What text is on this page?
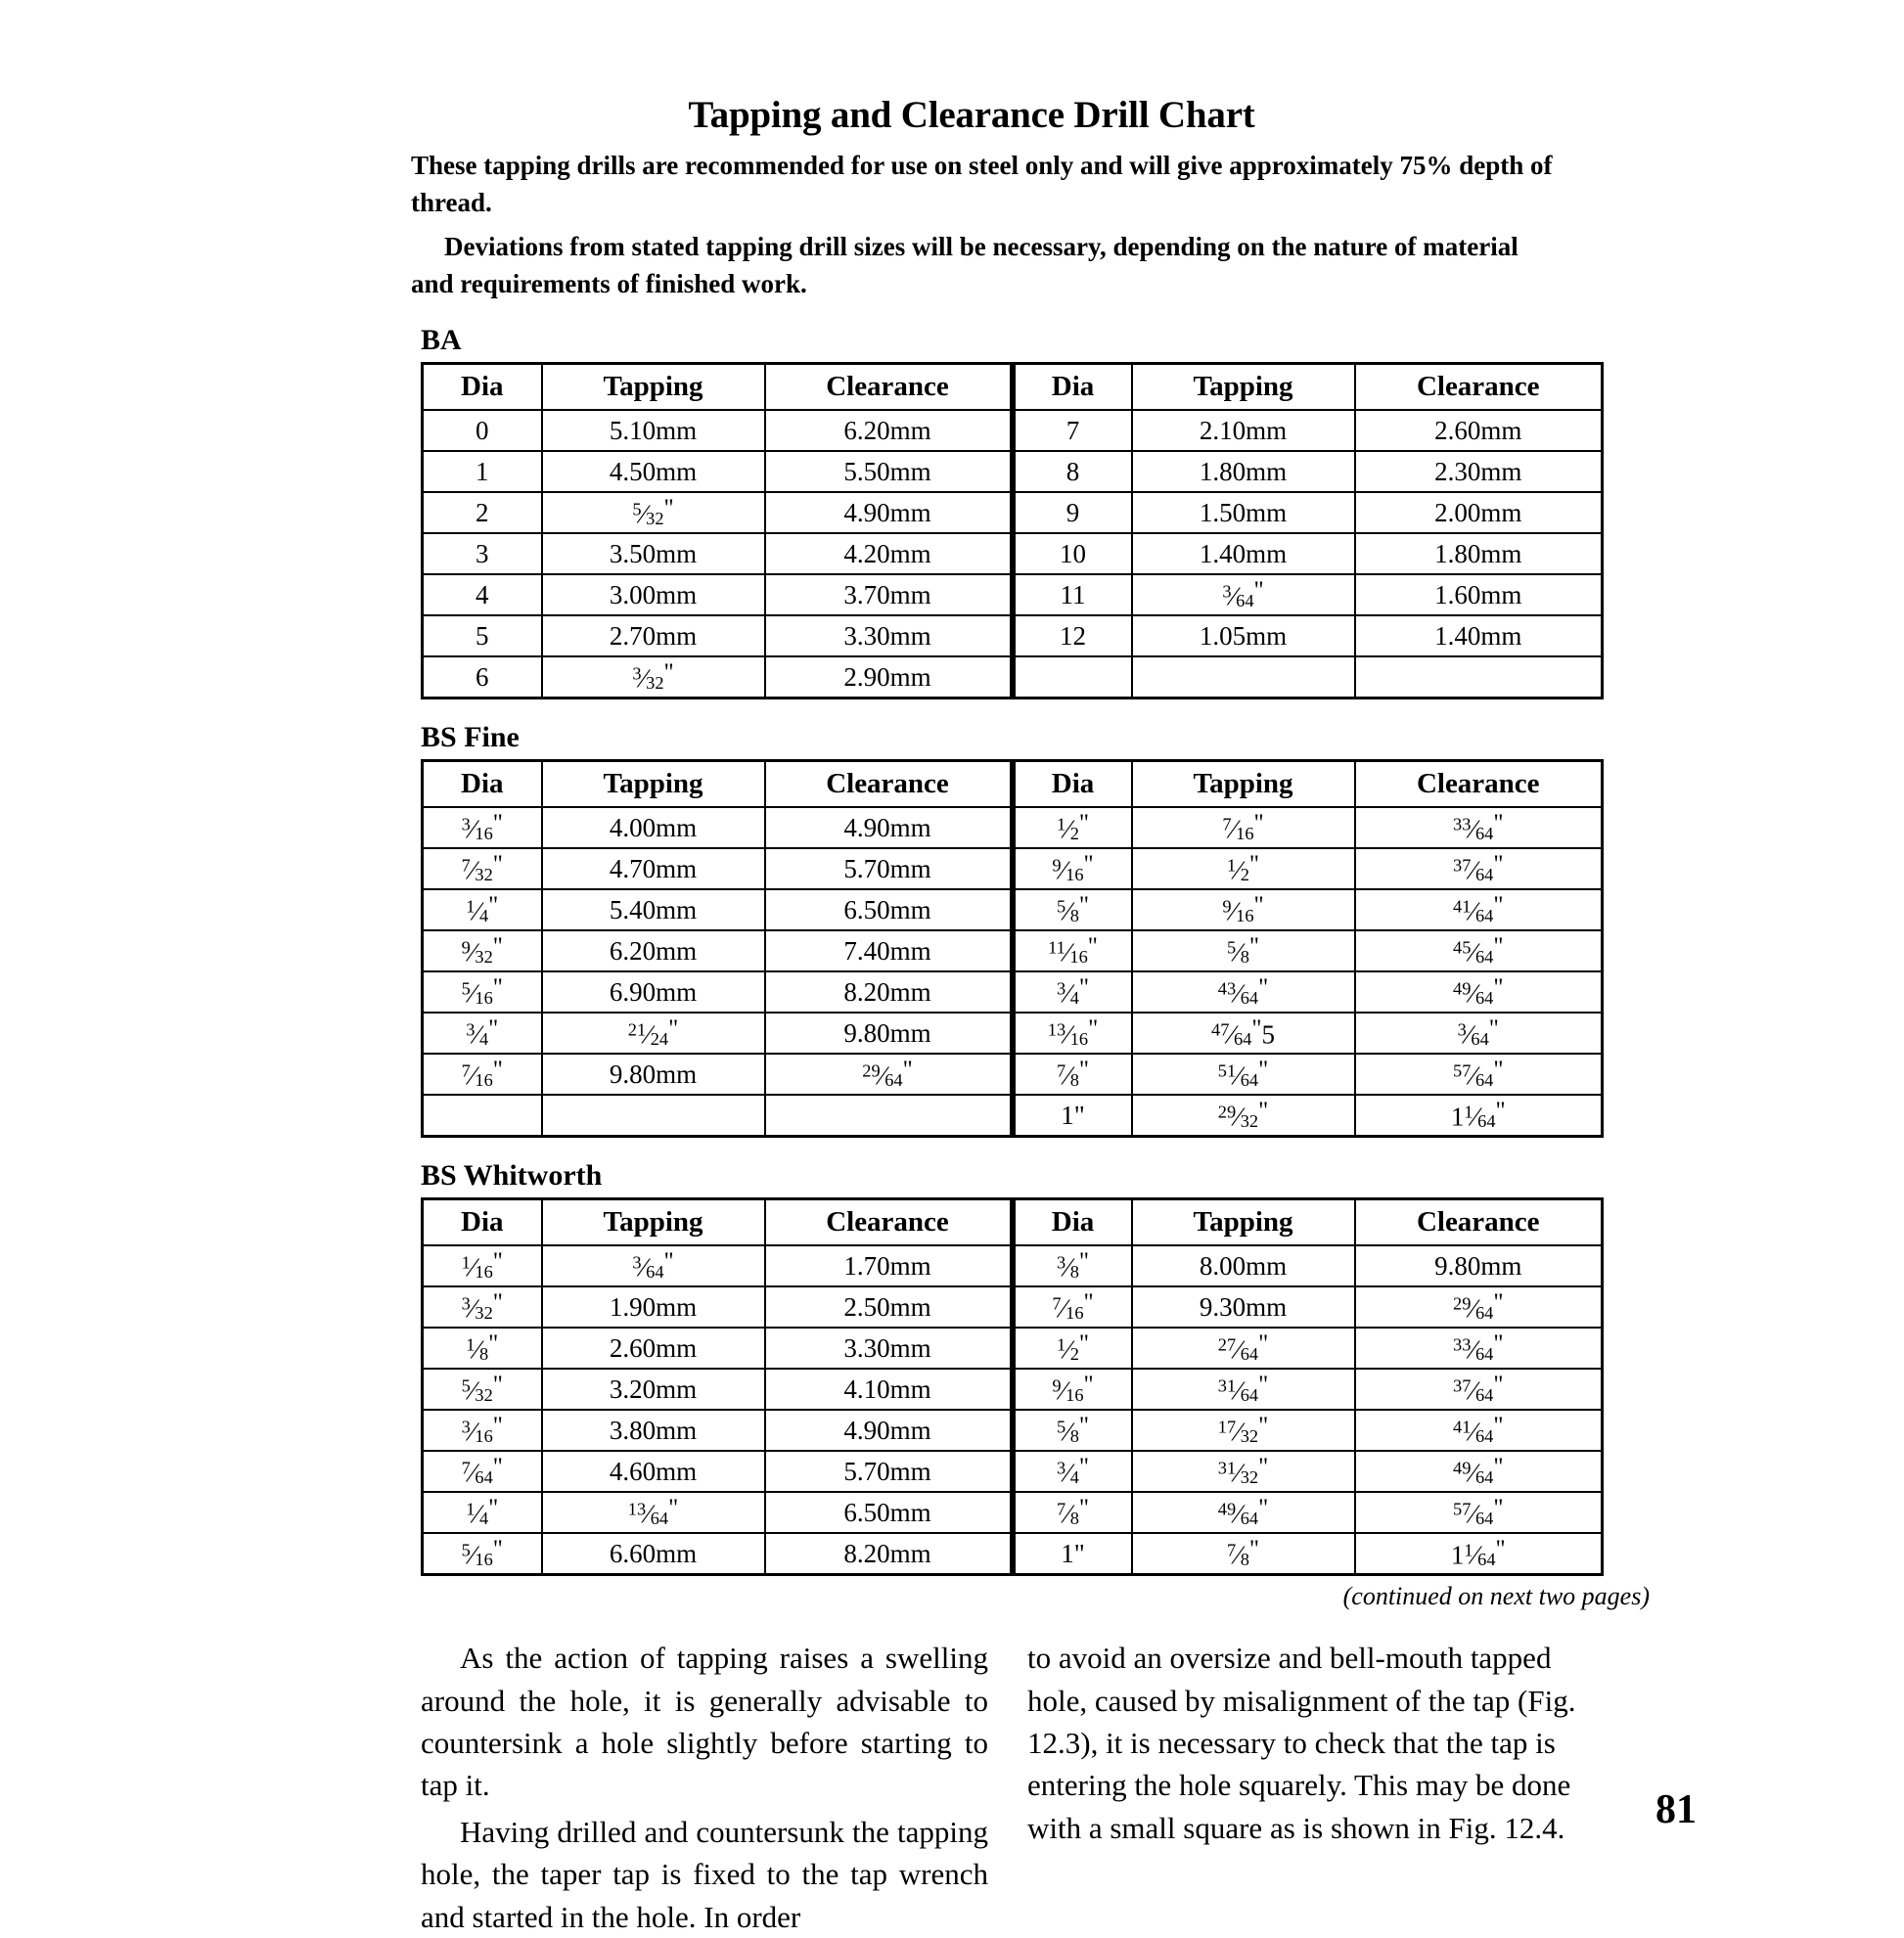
Tapping and Clearance Drill Chart

These tapping drills are recommended for use on steel only and will give approximately 75% depth of thread.

Deviations from stated tapping drill sizes will be necessary, depending on the nature of material and requirements of finished work.

BA
Dia	Tapping	Clearance	Dia	Tapping	Clearance
0	5.10mm	6.20mm	7	2.10mm	2.60mm
1	4.50mm	5.50mm	8	1.80mm	2.30mm
2	$^5$⁄32"	4.90mm	9	1.50mm	2.00mm
3	3.50mm	4.20mm	10	1.40mm	1.80mm
4	3.00mm	3.70mm	11	$^3$⁄64"	1.60mm
5	2.70mm	3.30mm	12	1.05mm	1.40mm
6	$^3$⁄32"	2.90mm			
BS Fine
Dia	Tapping	Clearance	Dia	Tapping	Clearance
$^3$⁄16"	4.00mm	4.90mm	$^1$⁄2"	$^7$⁄16"	$^{33}$⁄64"
$^7$⁄32"	4.70mm	5.70mm	$^9$⁄16"	$^1$⁄2"	$^{37}$⁄64"
$^1$⁄4"	5.40mm	6.50mm	$^5$⁄8"	$^9$⁄16"	$^{41}$⁄64"
$^9$⁄32"	6.20mm	7.40mm	$^{11}$⁄16"	$^5$⁄8"	$^{45}$⁄64"
$^5$⁄16"	6.90mm	8.20mm	$^3$⁄4"	$^{43}$⁄64"	$^{49}$⁄64"
$^3$⁄4"	$^{21}$⁄24"	9.80mm	$^{13}$⁄16"	$^{47}$⁄64"5	$^3$⁄64"
$^7$⁄16"	9.80mm	$^{29}$⁄64"	$^7$⁄8"	$^{51}$⁄64"	$^{57}$⁄64"
			1"	$^{29}$⁄32"	$1^1⁄64$"
BS Whitworth
Dia	Tapping	Clearance	Dia	Tapping	Clearance
$^1$⁄16"	$^3$⁄64"	1.70mm	$^3$⁄8"	8.00mm	9.80mm
$^3$⁄32"	1.90mm	2.50mm	$^7$⁄16"	9.30mm	$^{29}$⁄64"
$^1$⁄8"	2.60mm	3.30mm	$^1$⁄2"	$^{27}$⁄64"	$^{33}$⁄64"
$^5$⁄32"	3.20mm	4.10mm	$^9$⁄16"	$^{31}$⁄64"	$^{37}$⁄64"
$^3$⁄16"	3.80mm	4.90mm	$^5$⁄8"	$^{17}$⁄32"	$^{41}$⁄64"
$^7$⁄64"	4.60mm	5.70mm	$^3$⁄4"	$^{31}$⁄32"	$^{49}$⁄64"
$^1$⁄4"	$^{13}$⁄64"	6.50mm	$^7$⁄8"	$^{49}$⁄64"	$^{57}$⁄64"
$^5$⁄16"	6.60mm	8.20mm	1"	$^7$⁄8"	$1^1⁄64$"
(continued on next two pages)

As the action of tapping raises a swelling around the hole, it is generally advisable to countersink a hole slightly before starting to tap it.

Having drilled and countersunk the tapping hole, the taper tap is fixed to the tap wrench and started in the hole. In order

to avoid an oversize and bell-mouth tapped hole, caused by misalignment of the tap (Fig. 12.3), it is necessary to check that the tap is entering the hole squarely. This may be done with a small square as is shown in Fig. 12.4.	81
